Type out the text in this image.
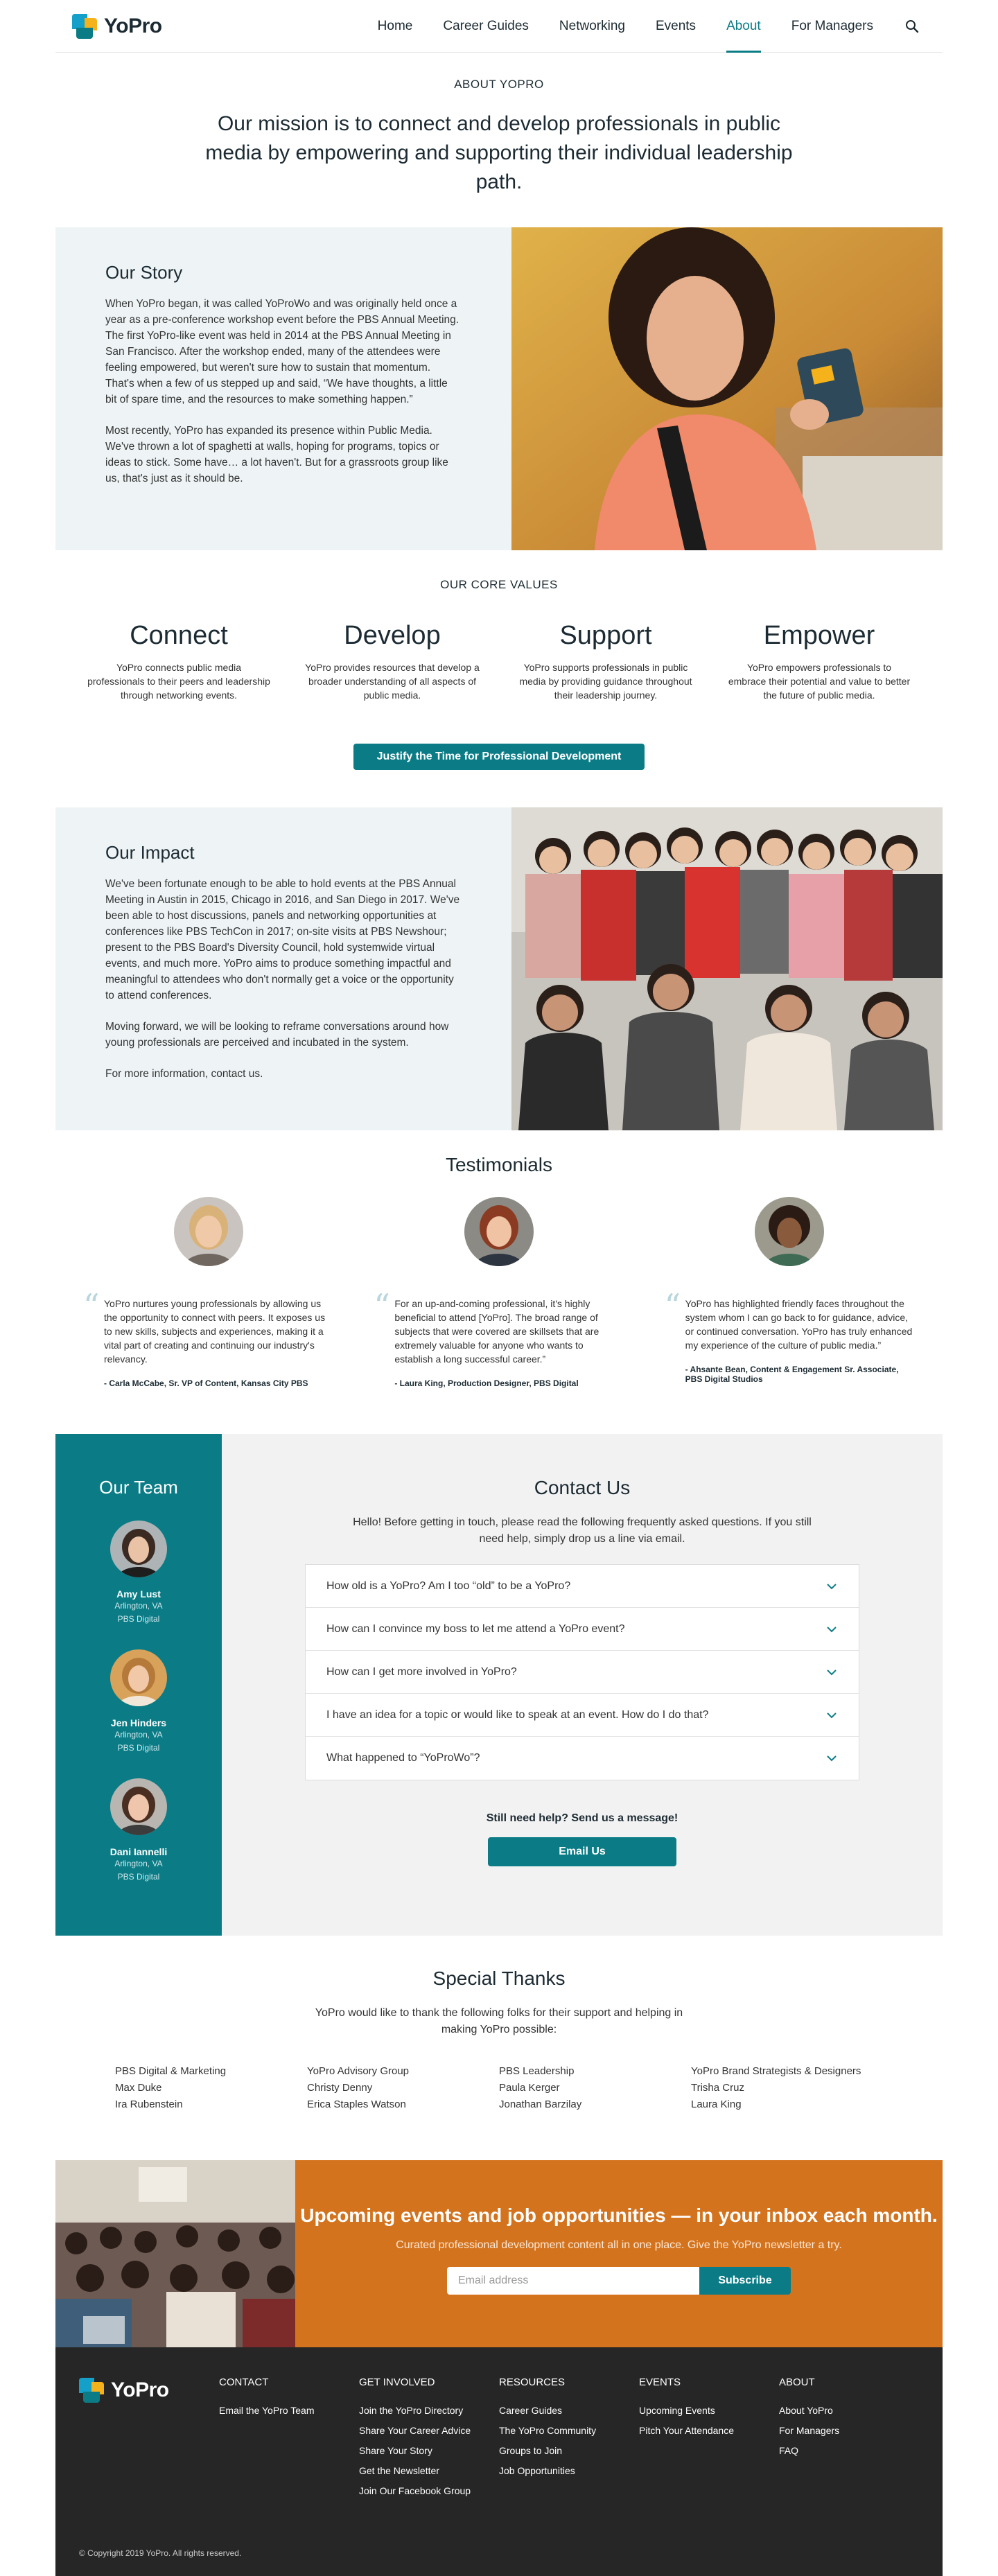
YoPro	Home	Career Guides	Networking	Events	About	For Managers
ABOUT YOPRO
Our mission is to connect and develop professionals in public media by empowering and supporting their individual leadership path.
Our Story

When YoPro began, it was called YoProWo and was originally held once a year as a pre-conference workshop event before the PBS Annual Meeting. The first YoPro-like event was held in 2014 at the PBS Annual Meeting in San Francisco. After the workshop ended, many of the attendees were feeling empowered, but weren't sure how to sustain that momentum. That's when a few of us stepped up and said, “We have thoughts, a little bit of spare time, and the resources to make something happen.”

Most recently, YoPro has expanded its presence within Public Media. We've thrown a lot of spaghetti at walls, hoping for programs, topics or ideas to stick. Some have… a lot haven't. But for a grassroots group like us, that's just as it should be.

OUR CORE VALUES
Connect

YoPro connects public media professionals to their peers and leadership through networking events.

Develop

YoPro provides resources that develop a broader understanding of all aspects of public media.

Support

YoPro supports professionals in public media by providing guidance throughout their leadership journey.

Empower

YoPro empowers professionals to embrace their potential and value to better the future of public media.

Justify the Time for Professional Development
Our Impact

We've been fortunate enough to be able to hold events at the PBS Annual Meeting in Austin in 2015, Chicago in 2016, and San Diego in 2017. We've been able to host discussions, panels and networking opportunities at conferences like PBS TechCon in 2017; on-site visits at PBS Newshour; present to the PBS Board's Diversity Council, hold systemwide virtual events, and much more. YoPro aims to produce something impactful and meaningful to attendees who don't normally get a voice or the opportunity to attend conferences.

Moving forward, we will be looking to reframe conversations around how young professionals are perceived and incubated in the system.

For more information, contact us.

Testimonials
“ YoPro nurtures young professionals by allowing us the opportunity to connect with peers. It exposes us to new skills, subjects and experiences, making it a vital part of creating and continuing our industry's relevancy.

- Carla McCabe, Sr. VP of Content, Kansas City PBS
“ For an up-and-coming professional, it's highly beneficial to attend [YoPro]. The broad range of subjects that were covered are skillsets that are extremely valuable for anyone who wants to establish a long successful career.”

- Laura King, Production Designer, PBS Digital
“ YoPro has highlighted friendly faces throughout the system whom I can go back to for guidance, advice, or continued conversation. YoPro has truly enhanced my experience of the culture of public media.”

- Ahsante Bean, Content & Engagement Sr. Associate, PBS Digital Studios
Our Team
Amy Lust
Arlington, VA
PBS Digital
Jen Hinders
Arlington, VA
PBS Digital
Dani Iannelli
Arlington, VA
PBS Digital
Contact Us

Hello! Before getting in touch, please read the following frequently asked questions. If you still need help, simply drop us a line via email.

How old is a YoPro? Am I too “old” to be a YoPro?
How can I convince my boss to let me attend a YoPro event?
How can I get more involved in YoPro?
I have an idea for a topic or would like to speak at an event. How do I do that?
What happened to “YoProWo”?
Still need help? Send us a message!
Email Us
Special Thanks

YoPro would like to thank the following folks for their support and helping in making YoPro possible:

PBS Digital & Marketing
Max Duke
Ira Rubenstein
YoPro Advisory Group
Christy Denny
Erica Staples Watson
PBS Leadership
Paula Kerger
Jonathan Barzilay
YoPro Brand Strategists & Designers
Trisha Cruz
Laura King
Upcoming events and job opportunities — in your inbox each month.

Curated professional development content all in one place. Give the YoPro newsletter a try.

Email address	Subscribe
YoPro	CONTACT
Email the YoPro Team
GET INVOLVED
Join the YoPro Directory
Share Your Career Advice
Share Your Story
Get the Newsletter
Join Our Facebook Group
RESOURCES
Career Guides
The YoPro Community
Groups to Join
Job Opportunities
EVENTS
Upcoming Events
Pitch Your Attendance
ABOUT
About YoPro
For Managers
FAQ
© Copyright 2019 YoPro. All rights reserved.
